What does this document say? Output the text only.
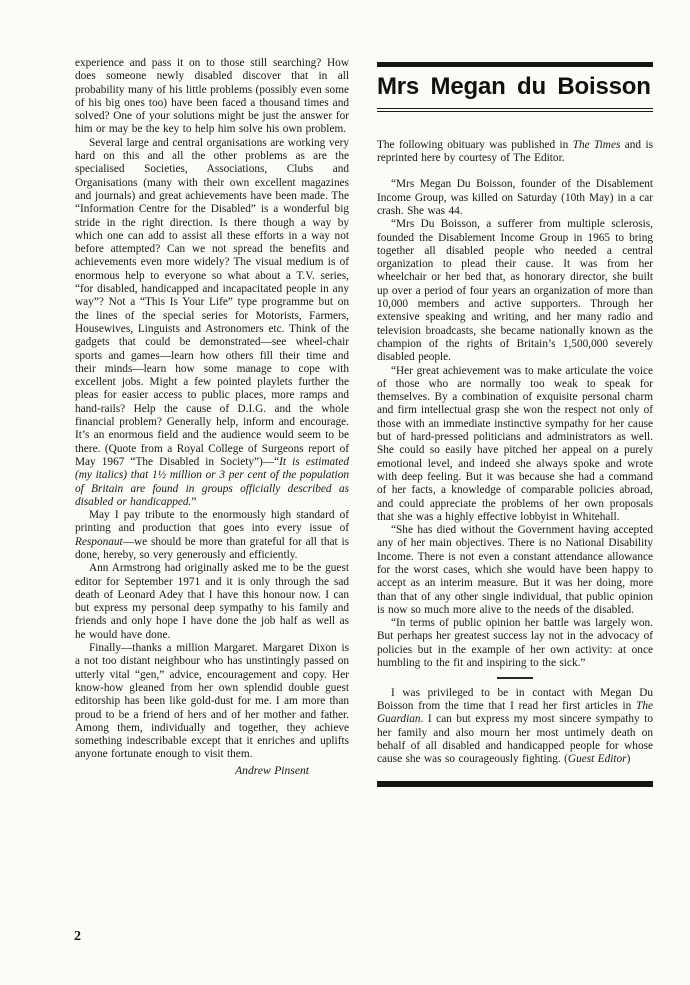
experience and pass it on to those still searching? How does someone newly disabled discover that in all probability many of his little problems (possibly even some of his big ones too) have been faced a thousand times and solved? One of your solutions might be just the answer for him or may be the key to help him solve his own problem.

Several large and central organisations are working very hard on this and all the other problems as are the specialised Societies, Associations, Clubs and Organisations (many with their own excellent magazines and journals) and great achievements have been made. The “Information Centre for the Disabled” is a wonderful big stride in the right direction. Is there though a way by which one can add to assist all these efforts in a way not before attempted? Can we not spread the benefits and achievements even more widely? The visual medium is of enormous help to everyone so what about a T.V. series, “for disabled, handicapped and incapacitated people in any way”? Not a “This Is Your Life” type programme but on the lines of the special series for Motorists, Farmers, Housewives, Linguists and Astronomers etc. Think of the gadgets that could be demonstrated—see wheel-chair sports and games—learn how others fill their time and their minds—learn how some manage to cope with excellent jobs. Might a few pointed playlets further the pleas for easier access to public places, more ramps and hand-rails? Help the cause of D.I.G. and the whole financial problem? Generally help, inform and encourage. It’s an enormous field and the audience would seem to be there. (Quote from a Royal College of Surgeons report of May 1967 “The Disabled in Society”)—“It is estimated (my italics) that 1½ million or 3 per cent of the population of Britain are found in groups officially described as disabled or handicapped.”

May I pay tribute to the enormously high standard of printing and production that goes into every issue of Responaut—we should be more than grateful for all that is done, hereby, so very generously and efficiently.

Ann Armstrong had originally asked me to be the guest editor for September 1971 and it is only through the sad death of Leonard Adey that I have this honour now. I can but express my personal deep sympathy to his family and friends and only hope I have done the job half as well as he would have done.

Finally—thanks a million Margaret. Margaret Dixon is a not too distant neighbour who has unstintingly passed on utterly vital “gen,” advice, encouragement and copy. Her know-how gleaned from her own splendid double guest editorship has been like gold-dust for me. I am more than proud to be a friend of hers and of her mother and father. Among them, individually and together, they achieve something indescribable except that it enriches and uplifts anyone fortunate enough to visit them.

Andrew Pinsent

Mrs Megan du Boisson

The following obituary was published in The Times and is reprinted here by courtesy of The Editor.

“Mrs Megan Du Boisson, founder of the Disablement Income Group, was killed on Saturday (10th May) in a car crash. She was 44.

“Mrs Du Boisson, a sufferer from multiple sclerosis, founded the Disablement Income Group in 1965 to bring together all disabled people who needed a central organization to plead their cause. It was from her wheelchair or her bed that, as honorary director, she built up over a period of four years an organization of more than 10,000 members and active supporters. Through her extensive speaking and writing, and her many radio and television broadcasts, she became nationally known as the champion of the rights of Britain’s 1,500,000 severely disabled people.

“Her great achievement was to make articulate the voice of those who are normally too weak to speak for themselves. By a combination of exquisite personal charm and firm intellectual grasp she won the respect not only of those with an immediate instinctive sympathy for her cause but of hard-pressed politicians and administrators as well. She could so easily have pitched her appeal on a purely emotional level, and indeed she always spoke and wrote with deep feeling. But it was because she had a command of her facts, a knowledge of comparable policies abroad, and could appreciate the problems of her own proposals that she was a highly effective lobbyist in Whitehall.

“She has died without the Government having accepted any of her main objectives. There is no National Disability Income. There is not even a constant attendance allowance for the worst cases, which she would have been happy to accept as an interim measure. But it was her doing, more than that of any other single individual, that public opinion is now so much more alive to the needs of the disabled.

“In terms of public opinion her battle was largely won. But perhaps her greatest success lay not in the advocacy of policies but in the example of her own activity: at once humbling to the fit and inspiring to the sick.”

I was privileged to be in contact with Megan Du Boisson from the time that I read her first articles in The Guardian. I can but express my most sincere sympathy to her family and also mourn her most untimely death on behalf of all disabled and handicapped people for whose cause she was so courageously fighting. (Guest Editor)

2
